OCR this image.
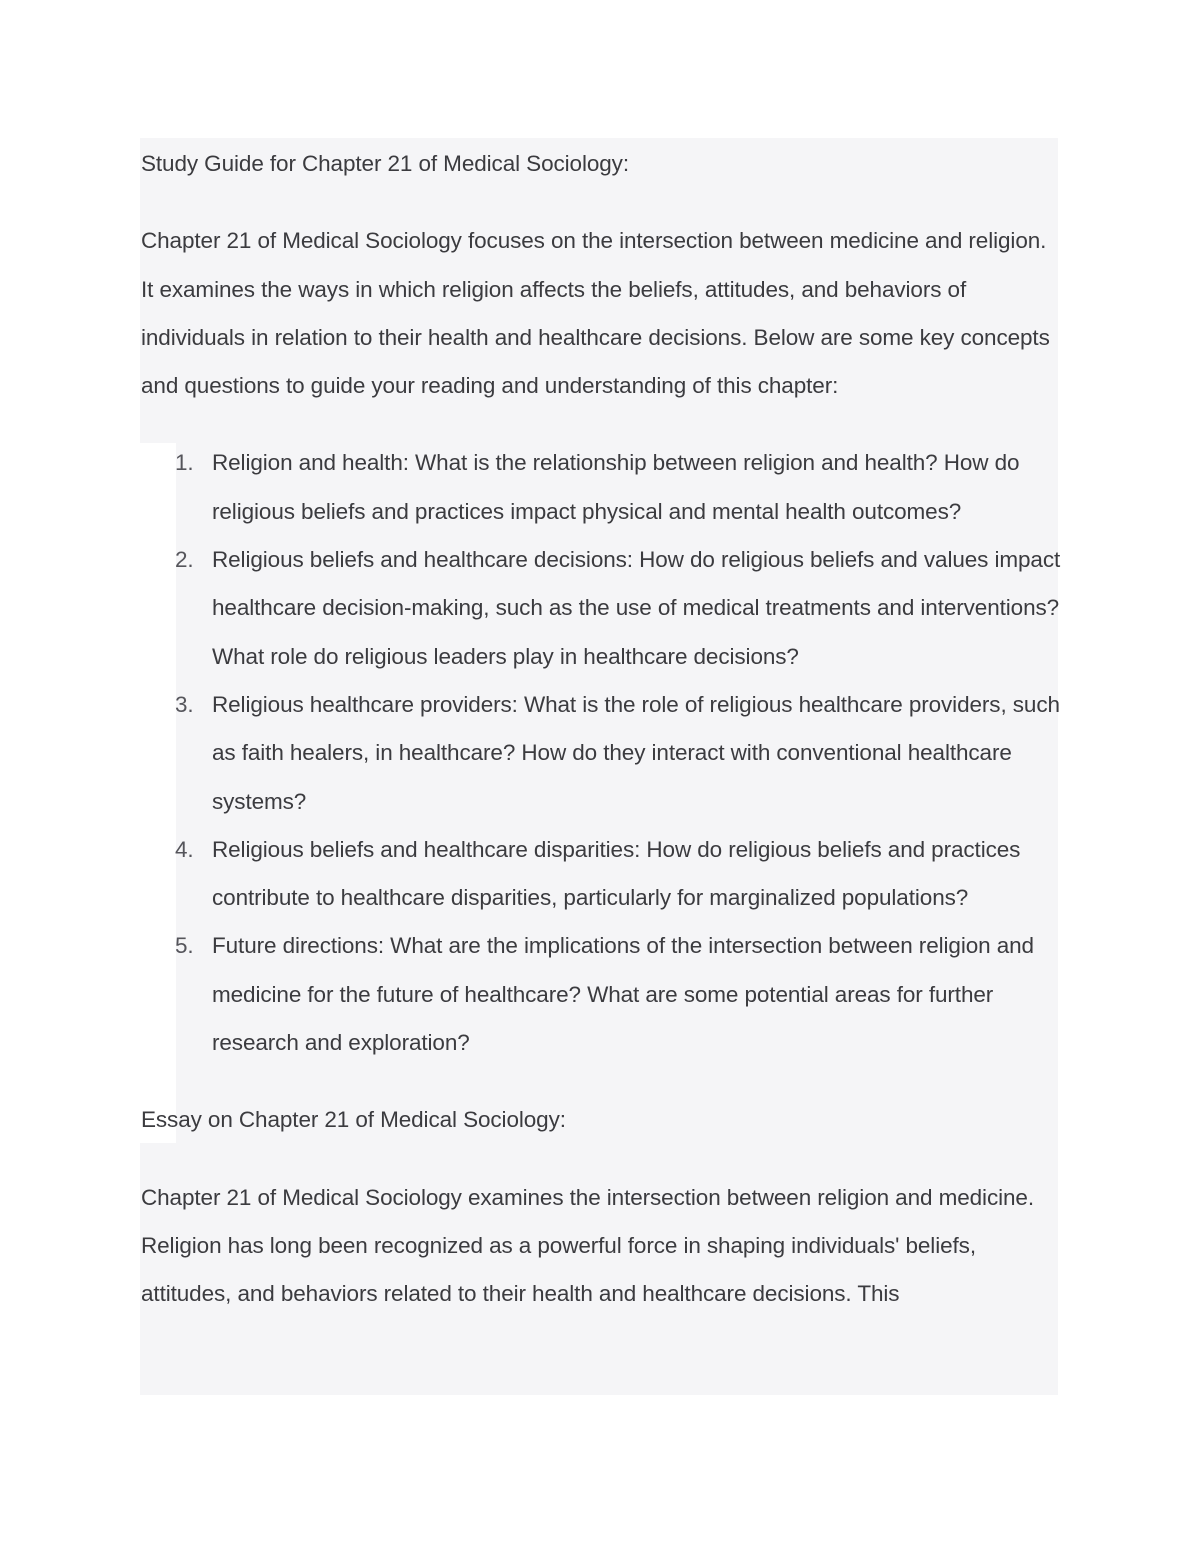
Study Guide for Chapter 21 of Medical Sociology:

Chapter 21 of Medical Sociology focuses on the intersection between medicine and religion. It examines the ways in which religion affects the beliefs, attitudes, and behaviors of individuals in relation to their health and healthcare decisions. Below are some key concepts and questions to guide your reading and understanding of this chapter:

1. Religion and health: What is the relationship between religion and health? How do religious beliefs and practices impact physical and mental health outcomes?
2. Religious beliefs and healthcare decisions: How do religious beliefs and values impact healthcare decision-making, such as the use of medical treatments and interventions? What role do religious leaders play in healthcare decisions?
3. Religious healthcare providers: What is the role of religious healthcare providers, such as faith healers, in healthcare? How do they interact with conventional healthcare systems?
4. Religious beliefs and healthcare disparities: How do religious beliefs and practices contribute to healthcare disparities, particularly for marginalized populations?
5. Future directions: What are the implications of the intersection between religion and medicine for the future of healthcare? What are some potential areas for further research and exploration?

Essay on Chapter 21 of Medical Sociology:

Chapter 21 of Medical Sociology examines the intersection between religion and medicine. Religion has long been recognized as a powerful force in shaping individuals' beliefs, attitudes, and behaviors related to their health and healthcare decisions. This
